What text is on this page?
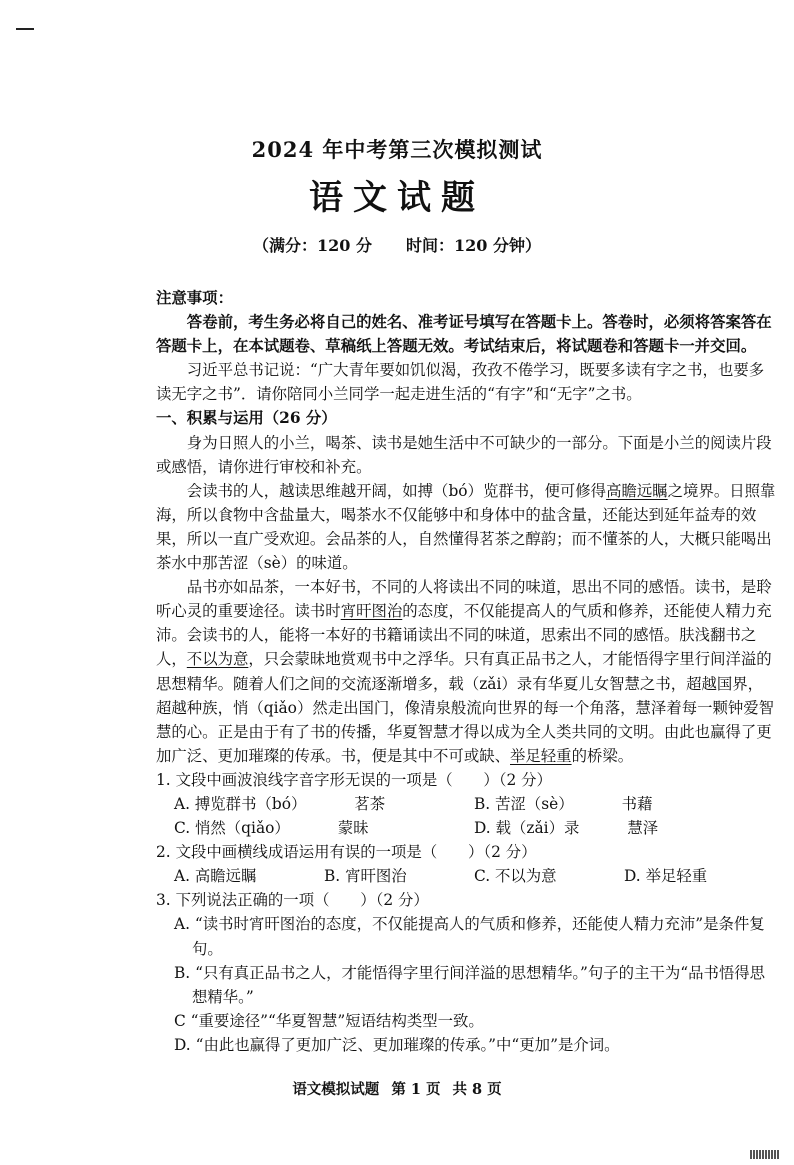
2024 年中考第三次模拟测试
语文试题
（满分：120 分 时间：120 分钟）

注意事项：

答卷前，考生务必将自己的姓名、准考证号填写在答题卡上。答卷时，必须将答案答在答题卡上，在本试题卷、草稿纸上答题无效。考试结束后，将试题卷和答题卡一并交回。

习近平总书记说：“广大青年要如饥似渴，孜孜不倦学习，既要多读有字之书，也要多读无字之书”．请你陪同小兰同学一起走进生活的“有字”和“无字”之书。

一、积累与运用（26 分）

身为日照人的小兰，喝茶、读书是她生活中不可缺少的一部分。下面是小兰的阅读片段或感悟，请你进行审校和补充。

会读书的人，越读思维越开阔，如搏（bó）览群书，便可修得高瞻远瞩之境界。日照靠海，所以食物中含盐量大，喝茶水不仅能够中和身体中的盐含量，还能达到延年益寿的效果，所以一直广受欢迎。会品茶的人，自然懂得茗茶之醇韵；而不懂茶的人，大概只能喝出茶水中那苦涩（sè）的味道。

品书亦如品茶，一本好书，不同的人将读出不同的味道，思出不同的感悟。读书，是聆听心灵的重要途径。读书时宵旰图治的态度，不仅能提高人的气质和修养，还能使人精力充沛。会读书的人，能将一本好的书籍诵读出不同的味道，思索出不同的感悟。肤浅翻书之人，不以为意，只会蒙昧地赏观书中之浮华。只有真正品书之人，才能悟得字里行间洋溢的思想精华。随着人们之间的交流逐渐增多，载（zǎi）录有华夏儿女智慧之书，超越国界，超越种族，悄（qiǎo）然走出国门，像清泉般流向世界的每一个角落，慧泽着每一颗钟爱智慧的心。正是由于有了书的传播，华夏智慧才得以成为全人类共同的文明。由此也赢得了更加广泛、更加璀璨的传承。书，便是其中不可或缺、举足轻重的桥梁。

1. 文段中画波浪线字音字形无误的一项是（　　）（2 分）

A. 搏览群书（bó）	茗茶	B. 苦涩（sè）	书藉
C. 悄然（qiǎo）	蒙昧	D. 载（zǎi）录	慧泽

2. 文段中画横线成语运用有误的一项是（　　）（2 分）

A. 高瞻远瞩	B. 宵旰图治	C. 不以为意	D. 举足轻重

3. 下列说法正确的一项（　　）（2 分）

A. “读书时宵旰图治的态度，不仅能提高人的气质和修养，还能使人精力充沛”是条件复句。

B. “只有真正品书之人，才能悟得字里行间洋溢的思想精华。”句子的主干为“品书悟得思想精华。”

C “重要途径”“华夏智慧”短语结构类型一致。

D. “由此也赢得了更加广泛、更加璀璨的传承。”中“更加”是介词。

语文模拟试题 第 1 页 共 8 页
